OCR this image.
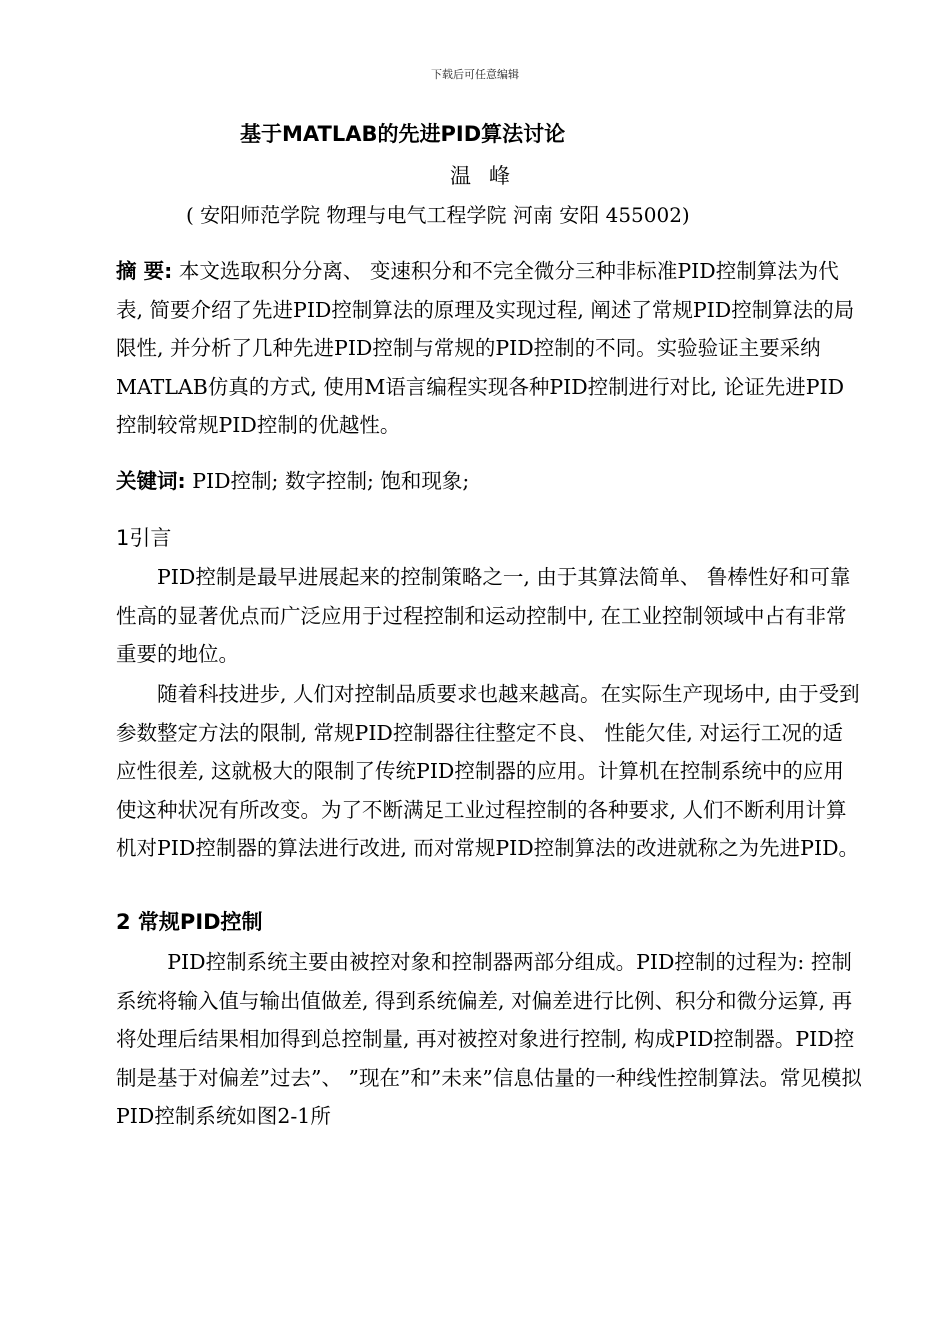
下载后可任意编辑
基于MATLAB的先进PID算法讨论
温峰
( 安阳师范学院 物理与电气工程学院 河南 安阳 455002)
摘 要: 本文选取积分分离、 变速积分和不完全微分三种非标准PID控制算法为代表, 简要介绍了先进PID控制算法的原理及实现过程, 阐述了常规PID控制算法的局限性, 并分析了几种先进PID控制与常规的PID控制的不同。实验验证主要采纳MATLAB仿真的方式, 使用M语言编程实现各种PID控制进行对比, 论证先进PID控制较常规PID控制的优越性。
关键词: PID控制; 数字控制; 饱和现象;
1引言

PID控制是最早进展起来的控制策略之一, 由于其算法简单、 鲁棒性好和可靠性高的显著优点而广泛应用于过程控制和运动控制中, 在工业控制领域中占有非常重要的地位。

随着科技进步, 人们对控制品质要求也越来越高。在实际生产现场中, 由于受到参数整定方法的限制, 常规PID控制器往往整定不良、 性能欠佳, 对运行工况的适应性很差, 这就极大的限制了传统PID控制器的应用。计算机在控制系统中的应用使这种状况有所改变。为了不断满足工业过程控制的各种要求, 人们不断利用计算机对PID控制器的算法进行改进, 而对常规PID控制算法的改进就称之为先进PID。

2 常规PID控制

PID控制系统主要由被控对象和控制器两部分组成。PID控制的过程为: 控制系统将输入值与输出值做差, 得到系统偏差, 对偏差进行比例、积分和微分运算, 再将处理后结果相加得到总控制量, 再对被控对象进行控制, 构成PID控制器。PID控制是基于对偏差”过去”、 ”现在”和”未来”信息估量的一种线性控制算法。常见模拟PID控制系统如图2-1所
